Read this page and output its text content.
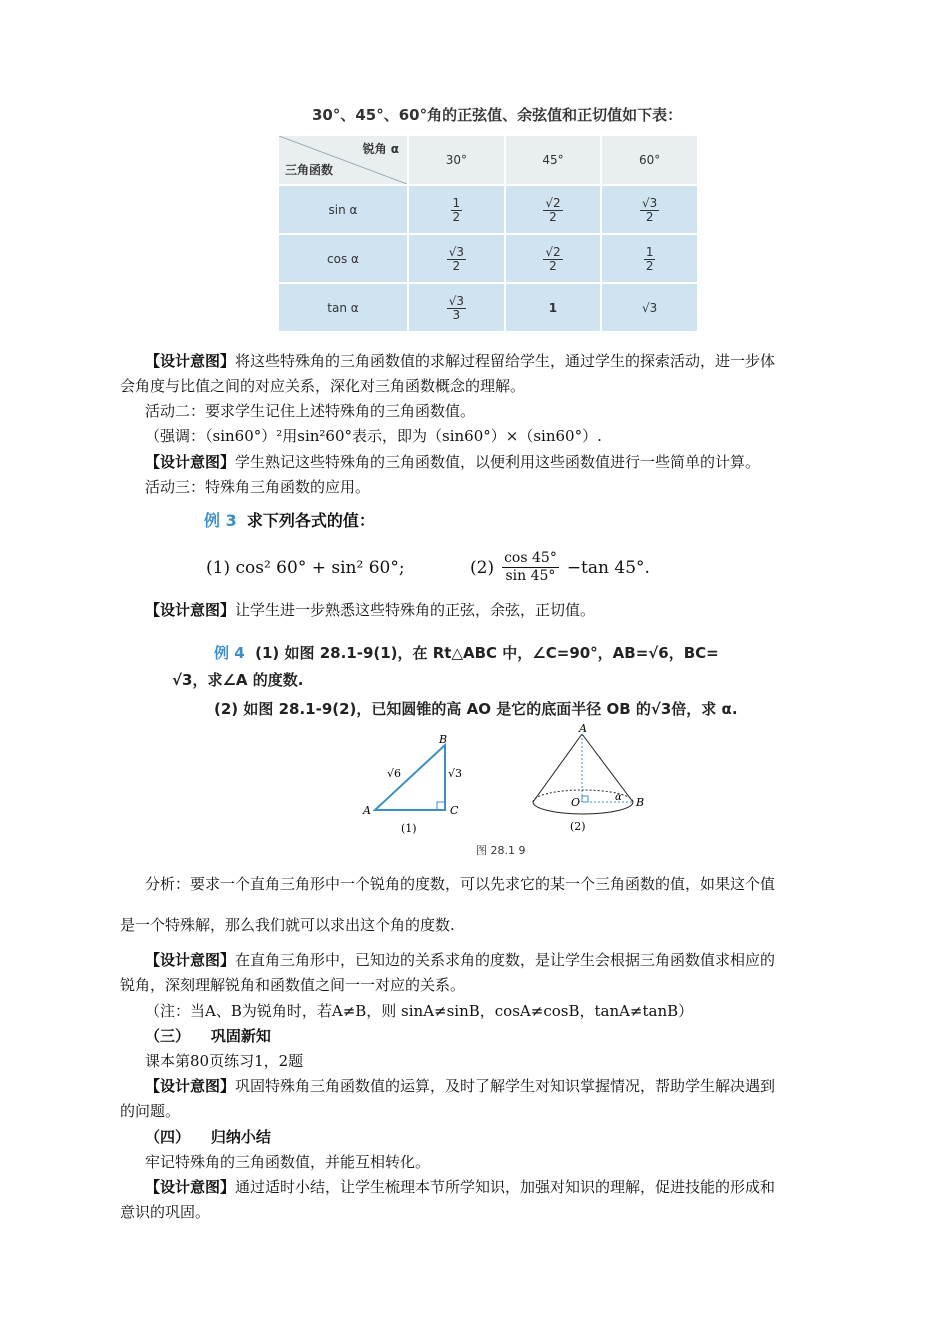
30°、45°、60°角的正弦值、余弦值和正切值如下表：
锐角 α
三角函数	30°	45°	60°
sin α	$\frac{1}{2}$	$\frac{√2}{2}$	$\frac{√3}{2}$

cos α	$\frac{√3}{2}$	$\frac{√2}{2}$	$\frac{1}{2}$

tan α	$\frac{√3}{3}$	1	√3
【设计意图】将这些特殊角的三角函数值的求解过程留给学生，通过学生的探索活动，进一步体
会角度与比值之间的对应关系，深化对三角函数概念的理解。
活动二：要求学生记住上述特殊角的三角函数值。
（强调：（sin60°）²用sin²60°表示，即为（sin60°）×（sin60°）.
【设计意图】学生熟记这些特殊角的三角函数值，以便利用这些函数值进行一些简单的计算。
活动三：特殊角三角函数的应用。
例 3 求下列各式的值：
(1) cos² 60° + sin² 60°;	(2) cos 45°
sin 45° −tan 45°.
【设计意图】让学生进一步熟悉这些特殊角的正弦，余弦，正切值。
例 4 (1) 如图 28.1-9(1)，在 Rt△ABC 中，∠C=90°，AB=√6，BC=
√3，求∠A 的度数.
(2) 如图 28.1-9(2)，已知圆锥的高 AO 是它的底面半径 OB 的√3倍，求 α.
A
B
C
√6	√3
(1)
A
O	B
α
(2)
图 28.1 9
分析：要求一个直角三角形中一个锐角的度数，可以先求它的某一个三角函数的值，如果这个值
是一个特殊解，那么我们就可以求出这个角的度数.
【设计意图】在直角三角形中，已知边的关系求角的度数，是让学生会根据三角函数值求相应的
锐角，深刻理解锐角和函数值之间一一对应的关系。
（注：当A、B为锐角时，若A≠B，则 sinA≠sinB，cosA≠cosB，tanA≠tanB）
（三）    巩固新知
课本第80页练习1，2题
【设计意图】巩固特殊角三角函数值的运算，及时了解学生对知识掌握情况，帮助学生解决遇到
的问题。
（四）    归纳小结
牢记特殊角的三角函数值，并能互相转化。
【设计意图】通过适时小结，让学生梳理本节所学知识，加强对知识的理解，促进技能的形成和
意识的巩固。
